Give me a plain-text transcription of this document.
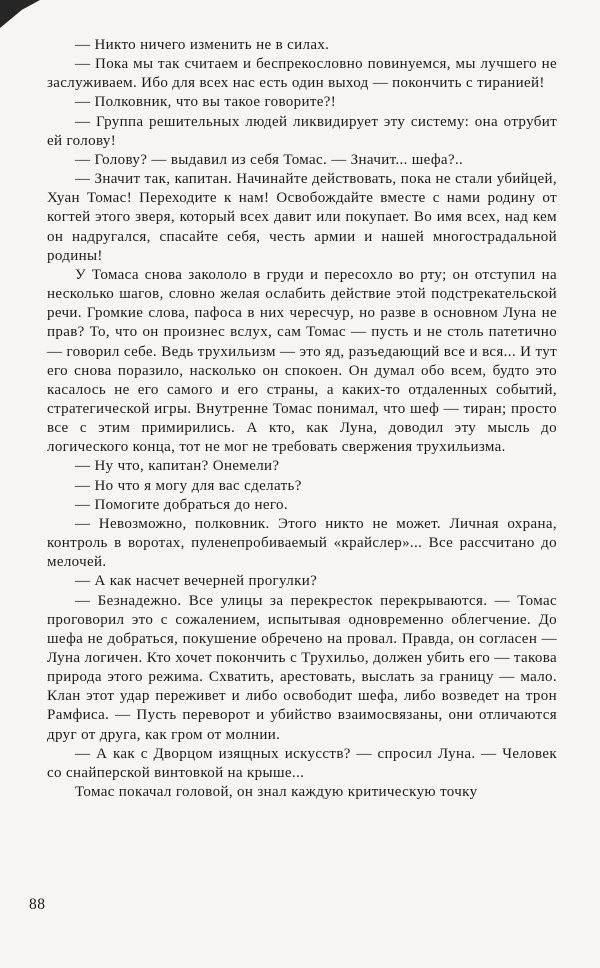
— Никто ничего изменить не в силах.

— Пока мы так считаем и беспрекословно повинуемся, мы лучшего не заслуживаем. Ибо для всех нас есть один выход — покончить с тиранией!

— Полковник, что вы такое говорите?!

— Группа решительных людей ликвидирует эту систему: она отрубит ей голову!

— Голову? — выдавил из себя Томас. — Значит... шефа?..

— Значит так, капитан. Начинайте действовать, пока не стали убийцей, Хуан Томас! Переходите к нам! Освобождайте вместе с нами родину от когтей этого зверя, который всех давит или покупает. Во имя всех, над кем он надругался, спасайте себя, честь армии и нашей многострадальной родины!

У Томаса снова закололо в груди и пересохло во рту; он отступил на несколько шагов, словно желая ослабить действие этой подстрекательской речи. Громкие слова, пафоса в них чересчур, но разве в основном Луна не прав? То, что он произнес вслух, сам Томас — пусть и не столь патетично — говорил себе. Ведь трухильизм — это яд, разъедающий все и вся... И тут его снова поразило, насколько он спокоен. Он думал обо всем, будто это касалось не его самого и его страны, а каких-то отдаленных событий, стратегической игры. Внутренне Томас понимал, что шеф — тиран; просто все с этим примирились. А кто, как Луна, доводил эту мысль до логического конца, тот не мог не требовать свержения трухильизма.

— Ну что, капитан? Онемели?

— Но что я могу для вас сделать?

— Помогите добраться до него.

— Невозможно, полковник. Этого никто не может. Личная охрана, контроль в воротах, пуленепробиваемый «крайслер»... Все рассчитано до мелочей.

— А как насчет вечерней прогулки?

— Безнадежно. Все улицы за перекресток перекрываются. — Томас проговорил это с сожалением, испытывая одновременно облегчение. До шефа не добраться, покушение обречено на провал. Правда, он согласен — Луна логичен. Кто хочет покончить с Трухильо, должен убить его — такова природа этого режима. Схватить, арестовать, выслать за границу — мало. Клан этот удар переживет и либо освободит шефа, либо возведет на трон Рамфиса. — Пусть переворот и убийство взаимосвязаны, они отличаются друг от друга, как гром от молнии.

— А как с Дворцом изящных искусств? — спросил Луна. — Человек со снайперской винтовкой на крыше...

Томас покачал головой, он знал каждую критическую точку

88
